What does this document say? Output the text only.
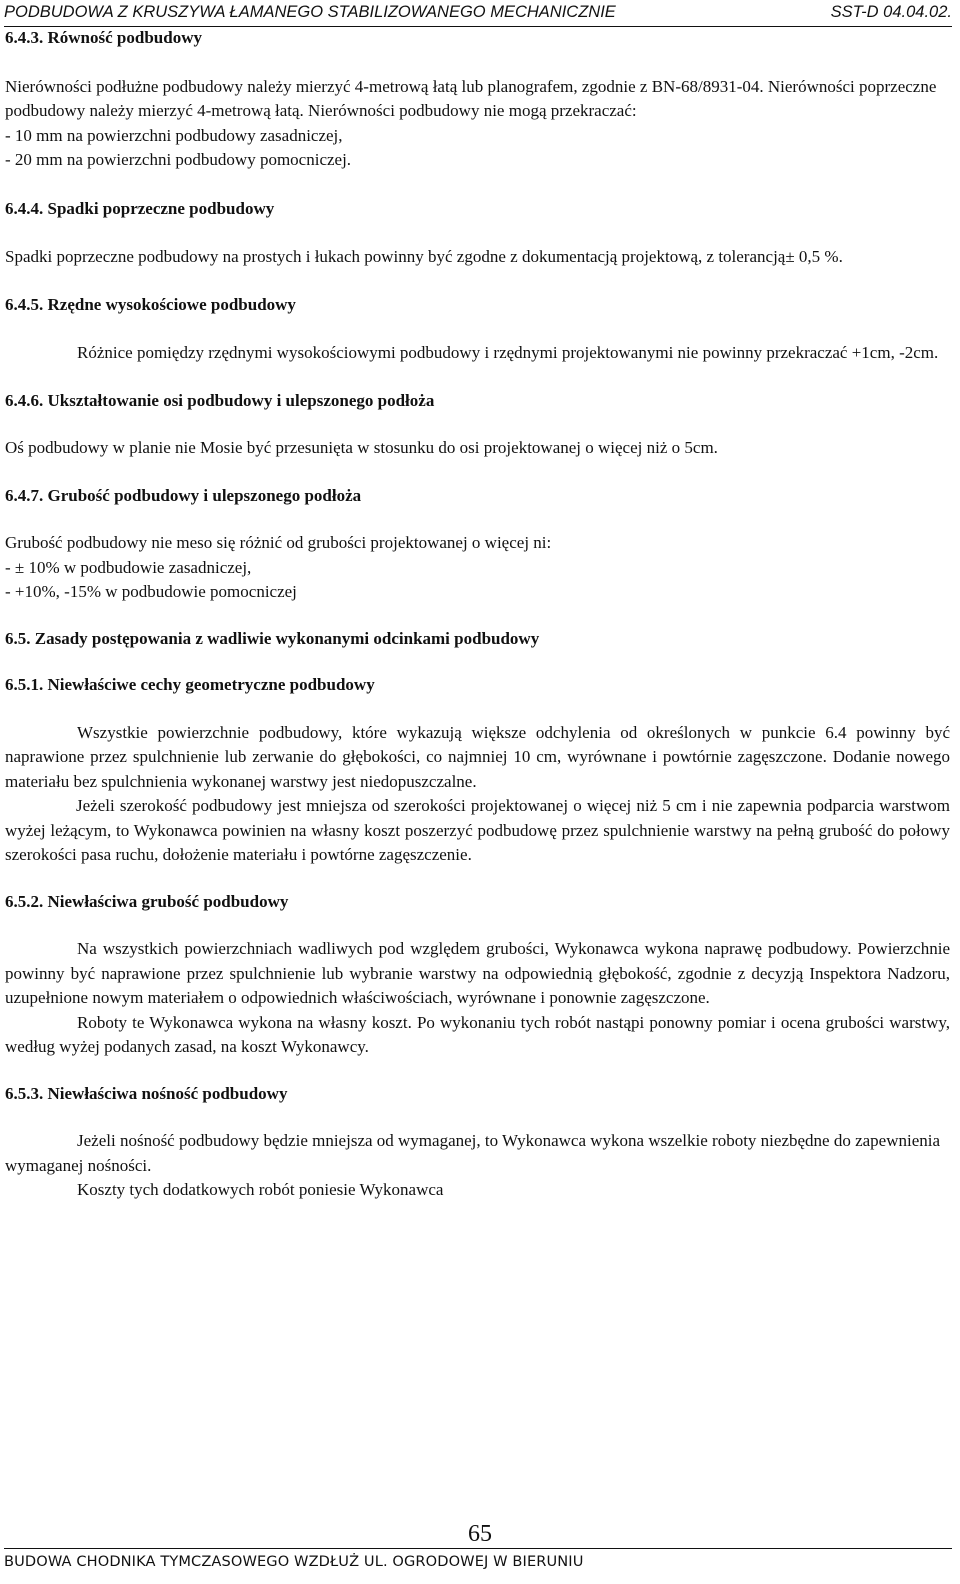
PODBUDOWA Z KRUSZYWA ŁAMANEGO STABILIZOWANEGO MECHANICZNIE	SST-D 04.04.02.

6.4.3. Równość podbudowy

Nierówności podłużne podbudowy należy mierzyć 4-metrową łatą lub planografem, zgodnie z BN-68/8931-04. Nierówności poprzeczne podbudowy należy mierzyć 4-metrową łatą. Nierówności podbudowy nie mogą przekraczać:

- 10 mm na powierzchni podbudowy zasadniczej,

- 20 mm na powierzchni podbudowy pomocniczej.

6.4.4. Spadki poprzeczne podbudowy

Spadki poprzeczne podbudowy na prostych i łukach powinny być zgodne z dokumentacją projektową, z tolerancją± 0,5 %.

6.4.5. Rzędne wysokościowe podbudowy

Różnice pomiędzy rzędnymi wysokościowymi podbudowy i rzędnymi projektowanymi nie powinny przekraczać +1cm, -2cm.

6.4.6. Ukształtowanie osi podbudowy i ulepszonego podłoża

Oś podbudowy w planie nie Mosie być przesunięta w stosunku do osi projektowanej o więcej niż o 5cm.

6.4.7. Grubość podbudowy i ulepszonego podłoża

Grubość podbudowy nie meso się różnić od grubości projektowanej o więcej ni:

- ± 10% w podbudowie zasadniczej,

- +10%, -15% w podbudowie pomocniczej

6.5. Zasady postępowania z wadliwie wykonanymi odcinkami podbudowy

6.5.1. Niewłaściwe cechy geometryczne podbudowy

Wszystkie powierzchnie podbudowy, które wykazują większe odchylenia od określonych w punkcie 6.4 powinny być naprawione przez spulchnienie lub zerwanie do głębokości, co najmniej 10 cm, wyrównane i powtórnie zagęszczone. Dodanie nowego materiału bez spulchnienia wykonanej warstwy jest niedopuszczalne.

Jeżeli szerokość podbudowy jest mniejsza od szerokości projektowanej o więcej niż 5 cm i nie zapewnia podparcia warstwom wyżej leżącym, to Wykonawca powinien na własny koszt poszerzyć podbudowę przez spulchnienie warstwy na pełną grubość do połowy szerokości pasa ruchu, dołożenie materiału i powtórne zagęszczenie.

6.5.2. Niewłaściwa grubość podbudowy

Na wszystkich powierzchniach wadliwych pod względem grubości, Wykonawca wykona naprawę podbudowy. Powierzchnie powinny być naprawione przez spulchnienie lub wybranie warstwy na odpowiednią głębokość, zgodnie z decyzją Inspektora Nadzoru, uzupełnione nowym materiałem o odpowiednich właściwościach, wyrównane i ponownie zagęszczone.

Roboty te Wykonawca wykona na własny koszt. Po wykonaniu tych robót nastąpi ponowny pomiar i ocena grubości warstwy, według wyżej podanych zasad, na koszt Wykonawcy.

6.5.3. Niewłaściwa nośność podbudowy

Jeżeli nośność podbudowy będzie mniejsza od wymaganej, to Wykonawca wykona wszelkie roboty niezbędne do zapewnienia wymaganej nośności.

Koszty tych dodatkowych robót poniesie Wykonawca

65
BUDOWA CHODNIKA TYMCZASOWEGO WZDŁUŻ UL. OGRODOWEJ W BIERUNIU
